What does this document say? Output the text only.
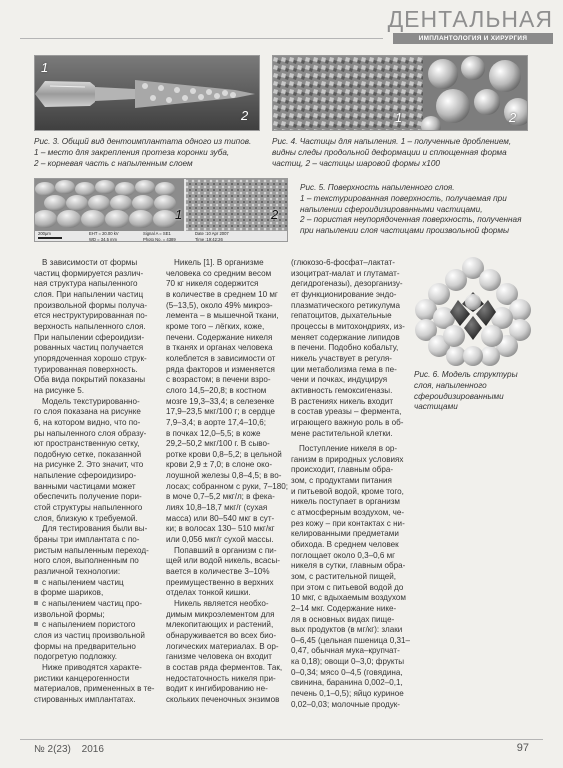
ДЕНТАЛЬНАЯ
ИМПЛАНТОЛОГИЯ И ХИРУРГИЯ
1
2	1	2
Рис. 3. Общий вид дентоимплантата одного из типов.
1 – место для закрепления протеза коронки зуба,
2 – корневая часть с напыленным слоем
Рис. 4. Частицы для напыления. 1 – полученные дроблением,
видны следы продольной деформации и сплющенная форма
частиц, 2 – частицы шаровой формы х100
200μm	EHT = 20.00 kV
WD = 34.5 mm
Signal A = SE1
Photo No. = 4389
Date :10 Apr 2007
Time :19:42:26
1	2
Рис. 5. Поверхность напыленного слоя.
1 – текстурированная поверхность, получаемая при
напылении сфероидизированными частицами,
2 – пористая неупорядоченная поверхность, полученная
при напылении слоя частицами произвольной формы
В зависимости от формы
частиц формируется различ-
ная структура напыленного
слоя. При напылении частиц
произвольной формы получа-
ется неструктурированная по-
верхность напыленного слоя.
При напылении сфероидизи-
рованных частиц получается
упорядоченная хорошо струк-
турированная поверхность.
Оба вида покрытий показаны
на рисунке 5.
Модель текстурированно-
го слоя показана на рисунке
6, на котором видно, что по-
ры напыленного слоя образу-
ют пространственную сетку,
подобную сетке, показанной
на рисунке 2. Это значит, что
напыление сфероидизиро-
ванными частицами может
обеспечить получение пори-
стой структуры напыленного
слоя, близкую к требуемой.
Для тестирования были вы-
браны три имплантата с по-
ристым напыленным переход-
ного слоя, выполненным по
различной технологии:
с напылением частиц
в форме шариков,
с напылением частиц про-
извольной формы;
с напылением пористого
слоя из частиц произвольной
формы на предварительно
подогретую подложку.
Ниже приводятся характе-
ристики канцерогенности
материалов, примененных в те-
стированных имплантатах.
Никель [1]. В организме
человека со средним весом
70 кг никеля содержится
в количестве в среднем 10 мг
(5–13,5), около 49% микроэ-
лемента – в мышечной ткани,
кроме того – лёгких, коже,
печени. Содержание никеля
в тканях и органах человека
колеблется в зависимости от
ряда факторов и изменяется
с возрастом; в печени взро-
слого 14,5–20,8; в костном
мозге 19,3–33,4; в селезенке
17,9–23,5 мкг/100 г; в сердце
7,9–3,4; в аорте 17,4–10,6;
в почках 12,0–5,5; в коже
29,2–50,2 мкг/100 г. В сыво-
ротке крови 0,8–5,2; в цельной
крови 2,9 ± 7,0; в слоне око-
лоушной железы 0,8–4,5; в во-
лосах; собранном с руки, 7–180;
в моче 0,7–5,2 мкг/л; в фека-
лиях 10,8–18,7 мкг/г (сухая
масса) или 80–540 мкг в сут-
ки; в волосах 130– 510 мкг/кг
или 0,056 мкг/г сухой массы.
Попавший в организм с пи-
щей или водой никель, всасы-
вается в количестве 3–10%
преимущественно в верхних
отделах тонкой кишки.
Никель является необхо-
димым микроэлементом для
млекопитающих и растений,
обнаруживается во всех био-
логических материалах. В ор-
ганизме человека он входит
в состав ряда ферментов. Так,
недостаточность никеля при-
водит к ингибированию не-
скольких печеночных энзимов
(глюкозо-6-фосфат–лактат-
изоцитрат-малат и глутамат-
дегидрогеназы), дезорганизу-
ет функционирование эндо-
плазматического ретикулума
гепатоцитов, дыхательные
процессы в митохондриях, из-
меняет содержание липидов
в печени. Подобно кобальту,
никель участвует в регуля-
ции метаболизма гема в пе-
чени и почках, индуцируя
активность гемоксигеназы.
В растениях никель входит
в состав уреазы – фермента,
играющего важную роль в об-
мене растительной клетки.
Рис. 6. Модель структуры
слоя, напыленного
сфероидизированными
частицами
Поступление никеля в ор-
ганизм в природных условиях
происходит, главным обра-
зом, с продуктами питания
и питьевой водой, кроме того,
никель поступает в организм
с атмосферным воздухом, че-
рез кожу – при контактах с ни-
келированными предметами
обихода. В среднем человек
поглощает около 0,3–0,6 мг
никеля в сутки, главным обра-
зом, с растительной пищей,
при этом с питьевой водой до
10 мкг, с вдыхаемым воздухом
2–14 мкг. Содержание нике-
ля в основных видах пище-
вых продуктов (в мг/кг): злаки
0–6,45 (цельная пшеница 0,31–
0,47, обычная мука–крупчат-
ка 0,18); овощи 0–3,0; фрукты
0–0,34; мясо 0–4,5 (говядина,
свинина, баранина 0,002–0,1,
печень 0,1–0,5); яйцо куриное
0,02–0,03; молочные продук-
№ 2(23) 2016	97
